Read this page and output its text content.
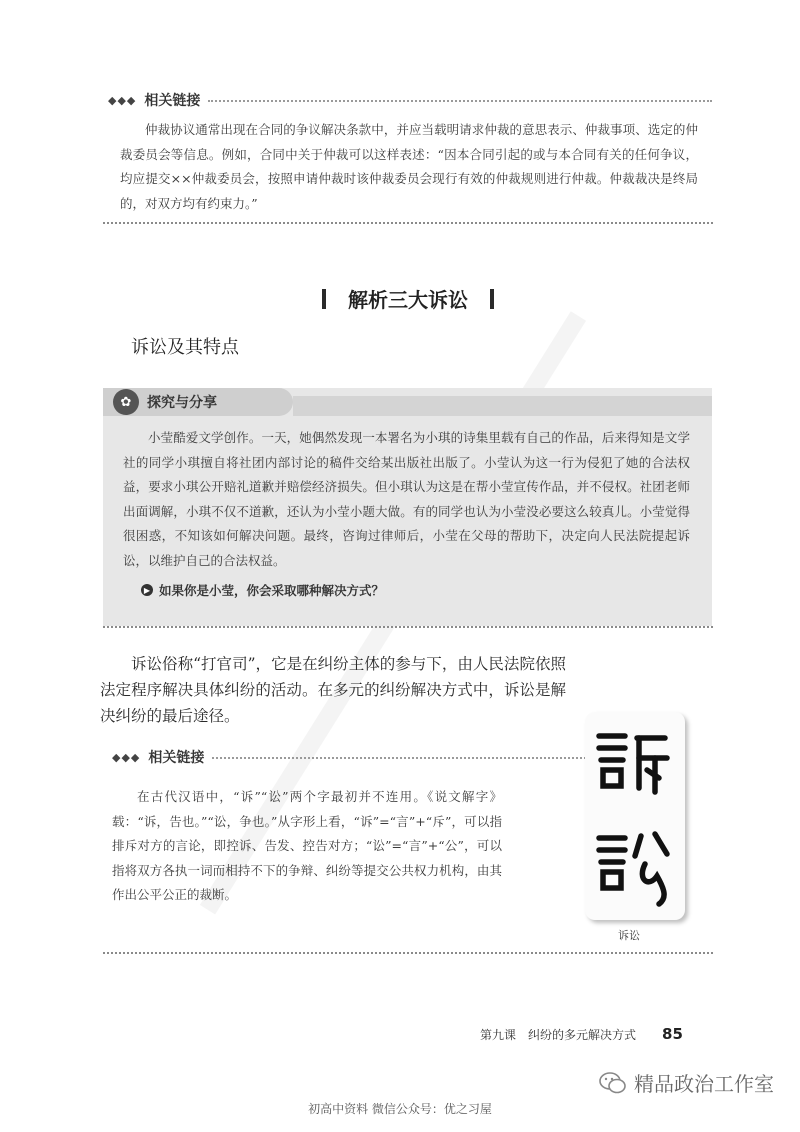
◆◆◆ 相关链接
仲裁协议通常出现在合同的争议解决条款中，并应当载明请求仲裁的意思表示、仲裁事项、选定的仲裁委员会等信息。例如，合同中关于仲裁可以这样表述：“因本合同引起的或与本合同有关的任何争议，均应提交××仲裁委员会，按照申请仲裁时该仲裁委员会现行有效的仲裁规则进行仲裁。仲裁裁决是终局的，对双方均有约束力。”
解析三大诉讼
诉讼及其特点
✿	探究与分享
小莹酷爱文学创作。一天，她偶然发现一本署名为小琪的诗集里载有自己的作品，后来得知是文学社的同学小琪擅自将社团内部讨论的稿件交给某出版社出版了。小莹认为这一行为侵犯了她的合法权益，要求小琪公开赔礼道歉并赔偿经济损失。但小琪认为这是在帮小莹宣传作品，并不侵权。社团老师出面调解，小琪不仅不道歉，还认为小莹小题大做。有的同学也认为小莹没必要这么较真儿。小莹觉得很困惑，不知该如何解决问题。最终，咨询过律师后，小莹在父母的帮助下，决定向人民法院提起诉讼，以维护自己的合法权益。
▶ 如果你是小莹，你会采取哪种解决方式？
诉讼俗称“打官司”，它是在纠纷主体的参与下，由人民法院依照法定程序解决具体纠纷的活动。在多元的纠纷解决方式中，诉讼是解决纠纷的最后途径。
◆◆◆ 相关链接
在古代汉语中，“诉”“讼”两个字最初并不连用。《说文解字》载：“诉，告也。”“讼，争也。”从字形上看，“诉”=“言”+“斥”，可以指排斥对方的言论，即控诉、告发、控告对方；“讼”=“言”+“公”，可以指将双方各执一词而相持不下的争辩、纠纷等提交公共权力机构，由其作出公平公正的裁断。
诉讼
第九课　纠纷的多元解决方式 85
精品政治工作室
初高中资料 微信公众号：优之习屋
